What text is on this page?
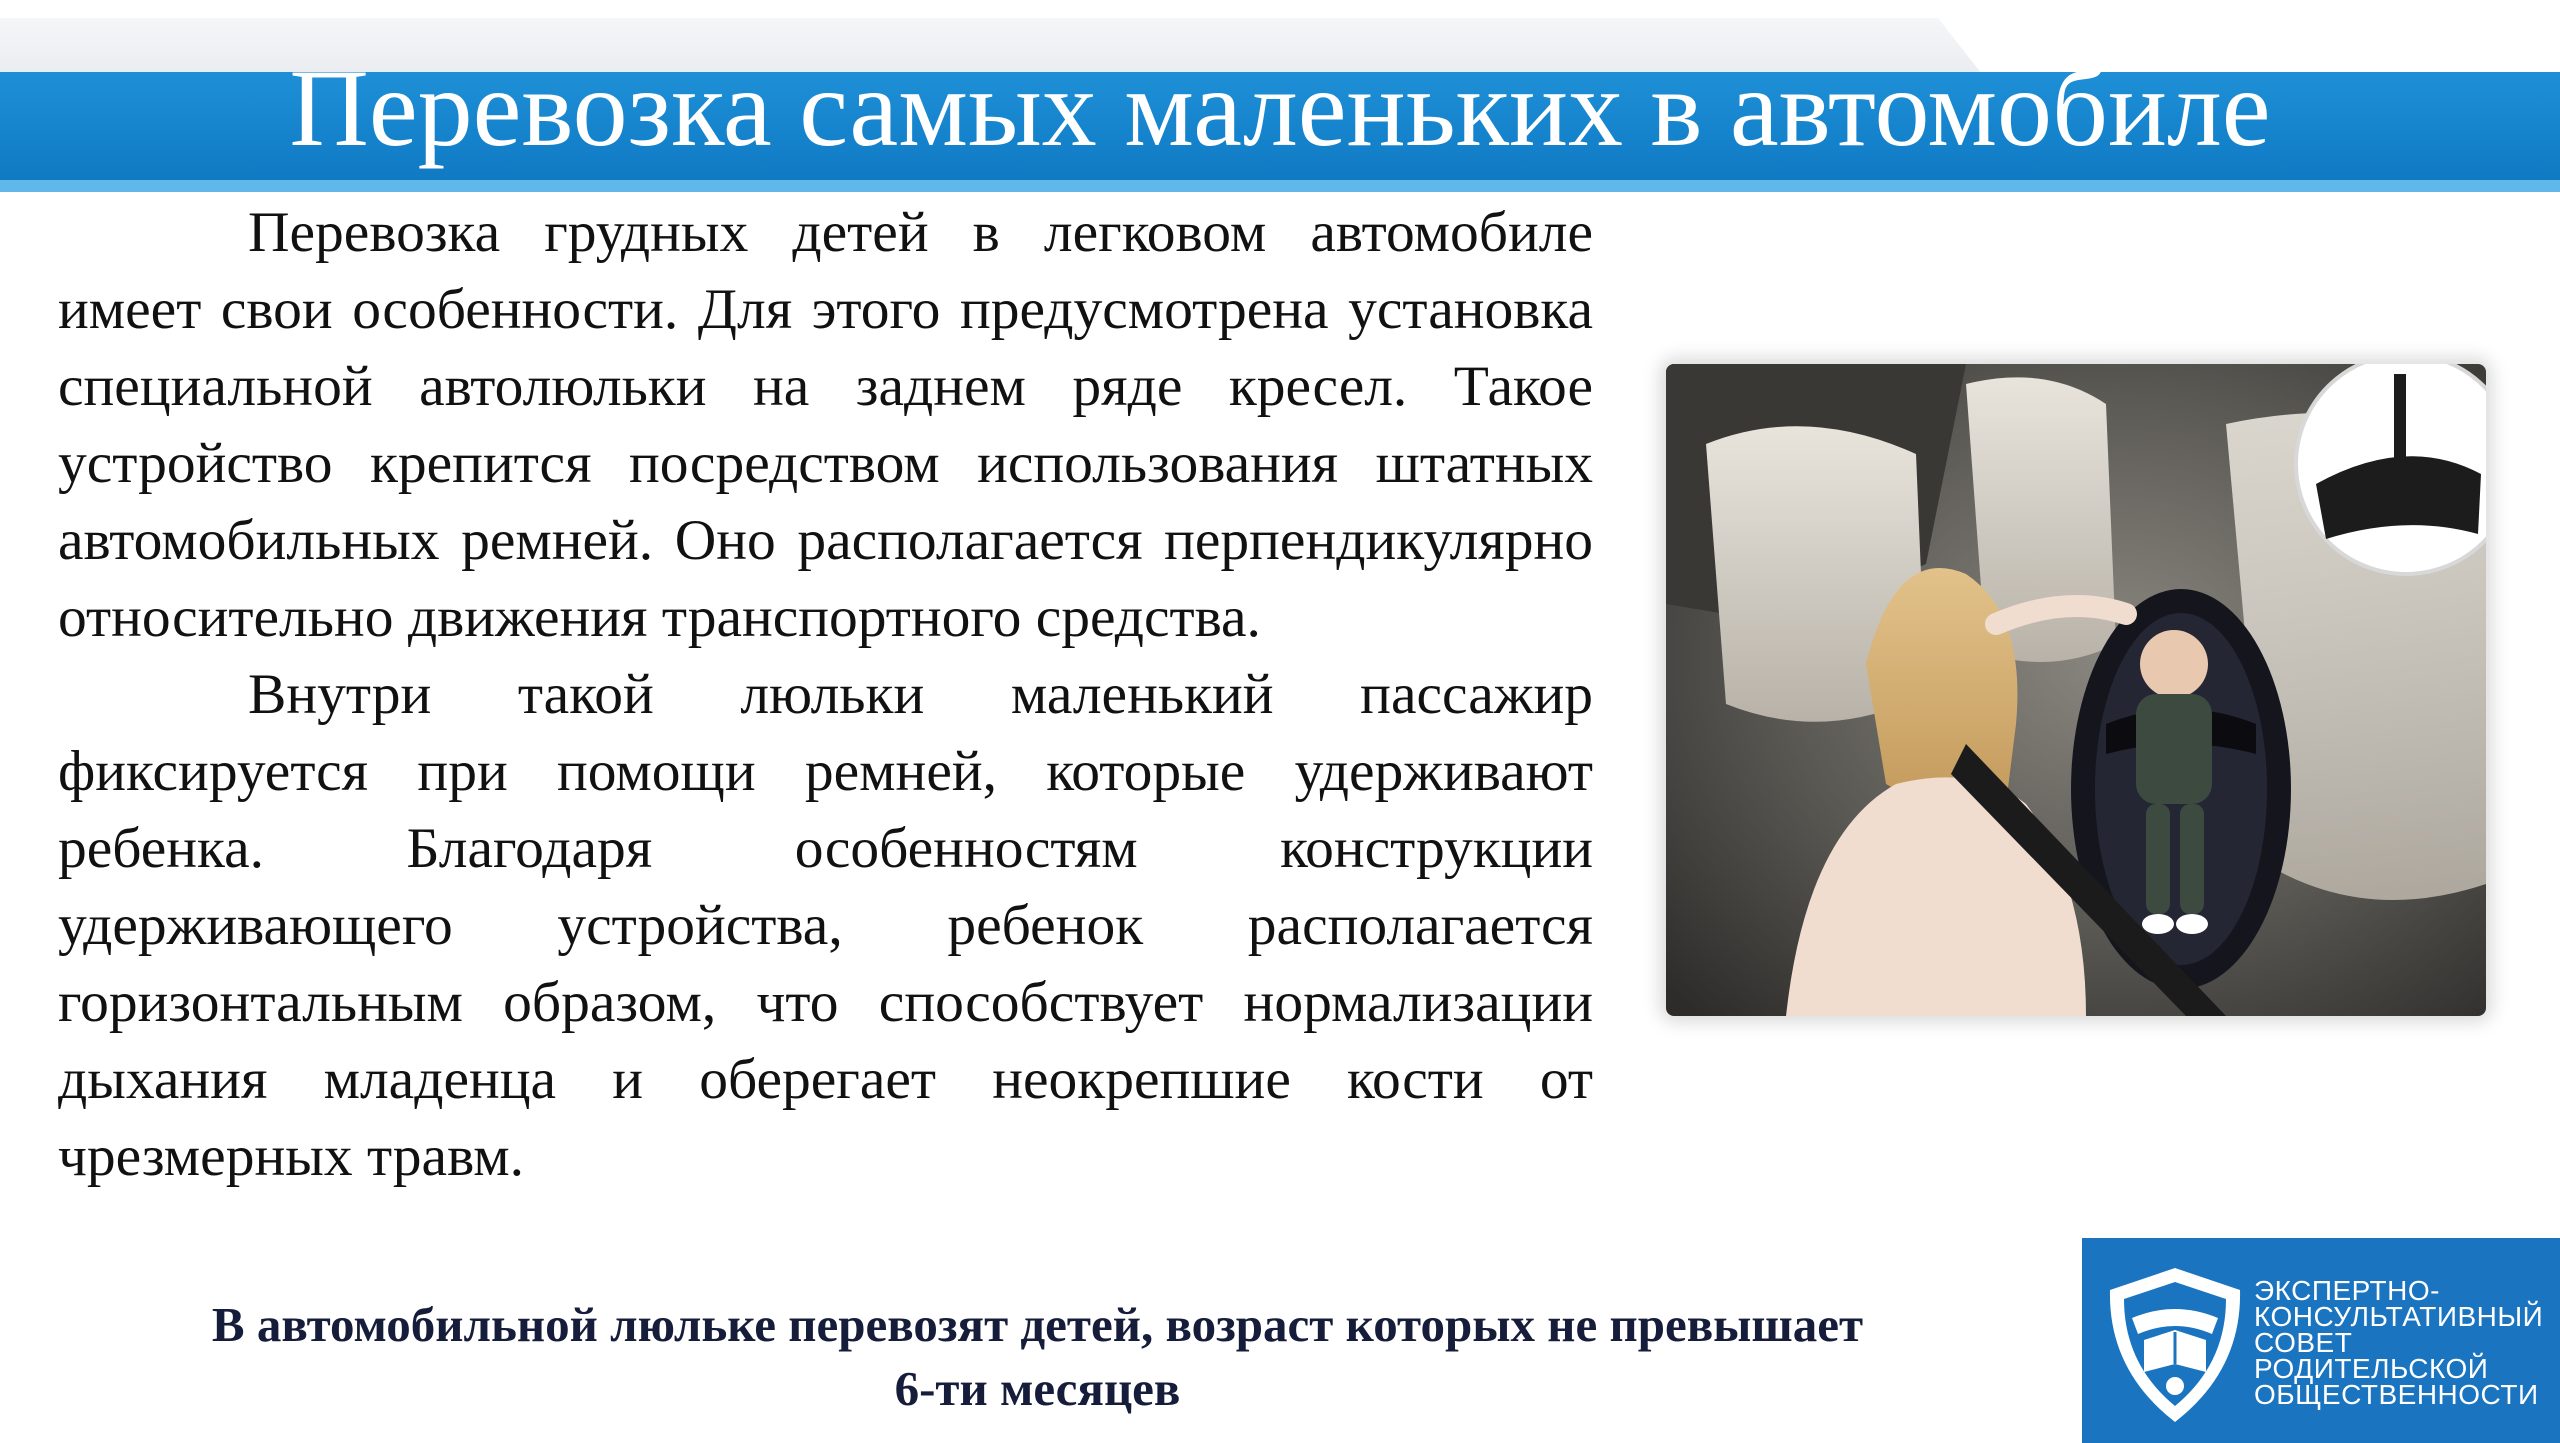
Перевозка самых маленьких в автомобиле

Перевозка грудных детей в легковом автомобиле имеет свои особенности. Для этого предусмотрена установка специальной автолюльки на заднем ряде кресел. Такое устройство крепится посредством использования штатных автомобильных ремней. Оно располагается перпендикулярно относительно движения транспортного средства.

Внутри такой люльки маленький пассажир фиксируется при помощи ремней, которые удерживают ребенка. Благодаря особенностям конструкции удерживающего устройства, ребенок располагается горизонтальным образом, что способствует нормализации дыхания младенца и оберегает неокрепшие кости от чрезмерных травм.

В автомобильной люльке перевозят детей, возраст которых не превышает
6-ти месяцев
ЭКСПЕРТНО-
КОНСУЛЬТАТИВНЫЙ
СОВЕТ
РОДИТЕЛЬСКОЙ
ОБЩЕСТВЕННОСТИ
